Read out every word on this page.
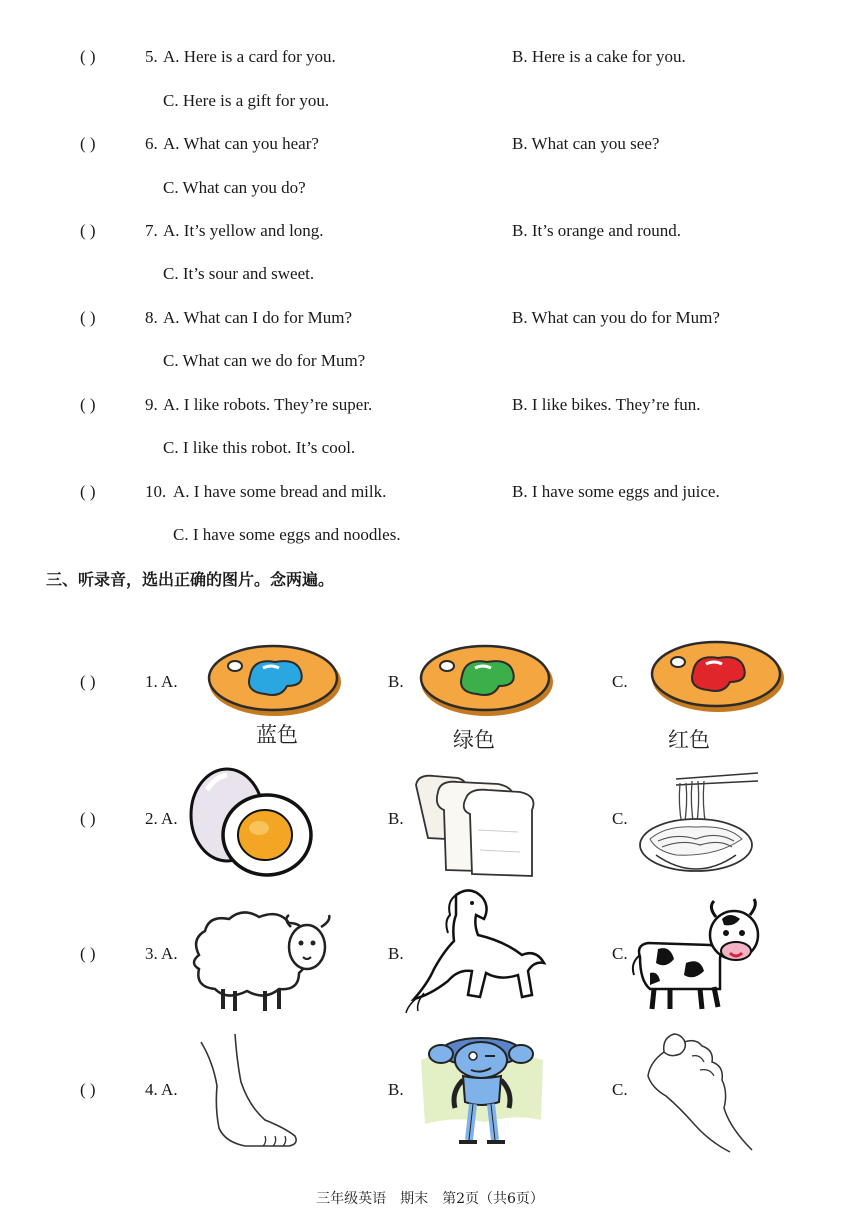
( )	5. A. Here is a card for you.	B. Here is a cake for you.
C. Here is a gift for you.
( )	6. A. What can you hear?	B. What can you see?
C. What can you do?
( )	7. A. It’s yellow and long.	B. It’s orange and round.
C. It’s sour and sweet.
( )	8. A. What can I do for Mum?	B. What can you do for Mum?
C. What can we do for Mum?
( )	9. A. I like robots. They’re super.	B. I like bikes. They’re fun.
C. I like this robot. It’s cool.
( )	10. A. I have some bread and milk.	B. I have some eggs and juice.
C. I have some eggs and noodles.
三、听录音，选出正确的图片。念两遍。
( )	1. A.	B.	C.
蓝色	绿色	红色
( )	2. A.	B.	C.
( )	3. A.	B.	C.
( )	4. A.	B.	C.
三年级英语　期末　第2页（共6页）
